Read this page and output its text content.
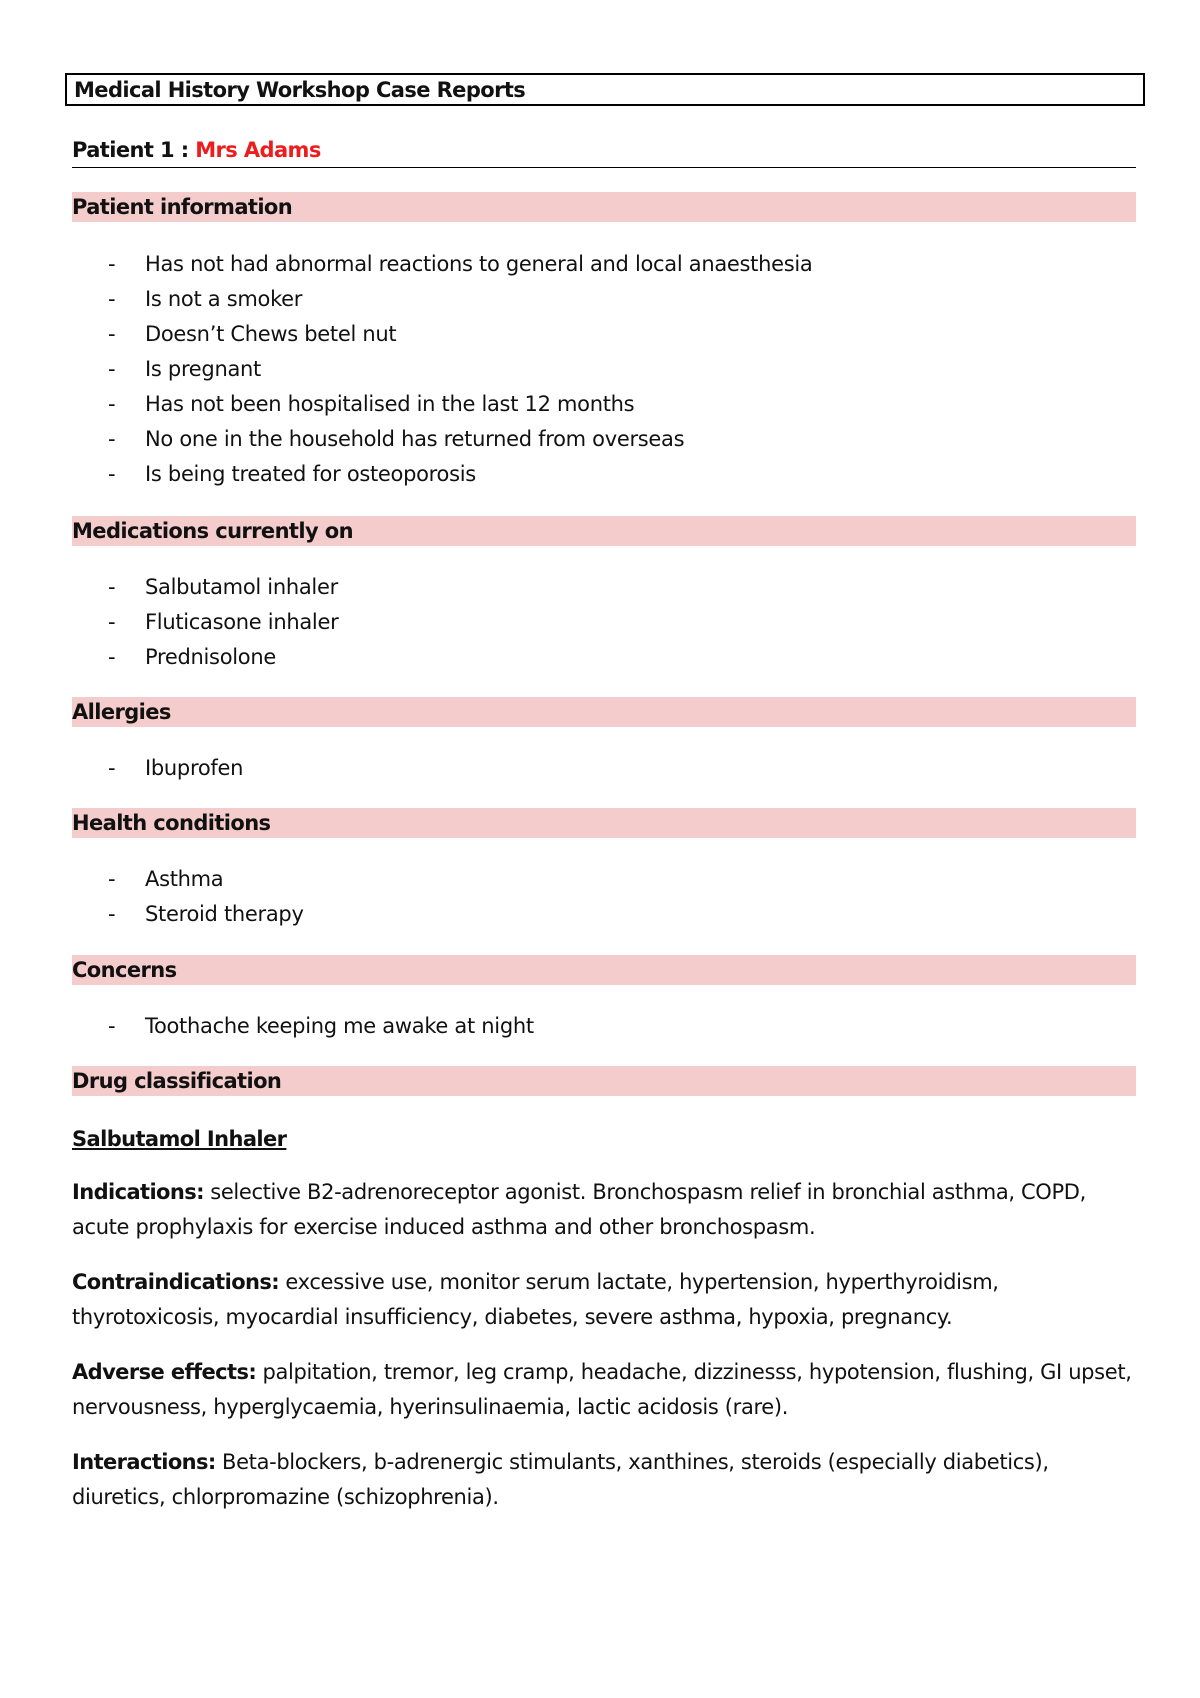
Medical History Workshop Case Reports
Patient 1 : Mrs Adams
Patient information
- Has not had abnormal reactions to general and local anaesthesia
- Is not a smoker
- Doesn’t Chews betel nut
- Is pregnant
- Has not been hospitalised in the last 12 months
- No one in the household has returned from overseas
- Is being treated for osteoporosis
Medications currently on
- Salbutamol inhaler
- Fluticasone inhaler
- Prednisolone
Allergies
- Ibuprofen
Health conditions
- Asthma
- Steroid therapy
Concerns
- Toothache keeping me awake at night
Drug classification
Salbutamol Inhaler

Indications: selective B2-adrenoreceptor agonist. Bronchospasm relief in bronchial asthma, COPD, acute prophylaxis for exercise induced asthma and other bronchospasm.

Contraindications: excessive use, monitor serum lactate, hypertension, hyperthyroidism, thyrotoxicosis, myocardial insufficiency, diabetes, severe asthma, hypoxia, pregnancy.

Adverse effects: palpitation, tremor, leg cramp, headache, dizzinesss, hypotension, flushing, GI upset, nervousness, hyperglycaemia, hyerinsulinaemia, lactic acidosis (rare).

Interactions: Beta-blockers, b-adrenergic stimulants, xanthines, steroids (especially diabetics), diuretics, chlorpromazine (schizophrenia).
